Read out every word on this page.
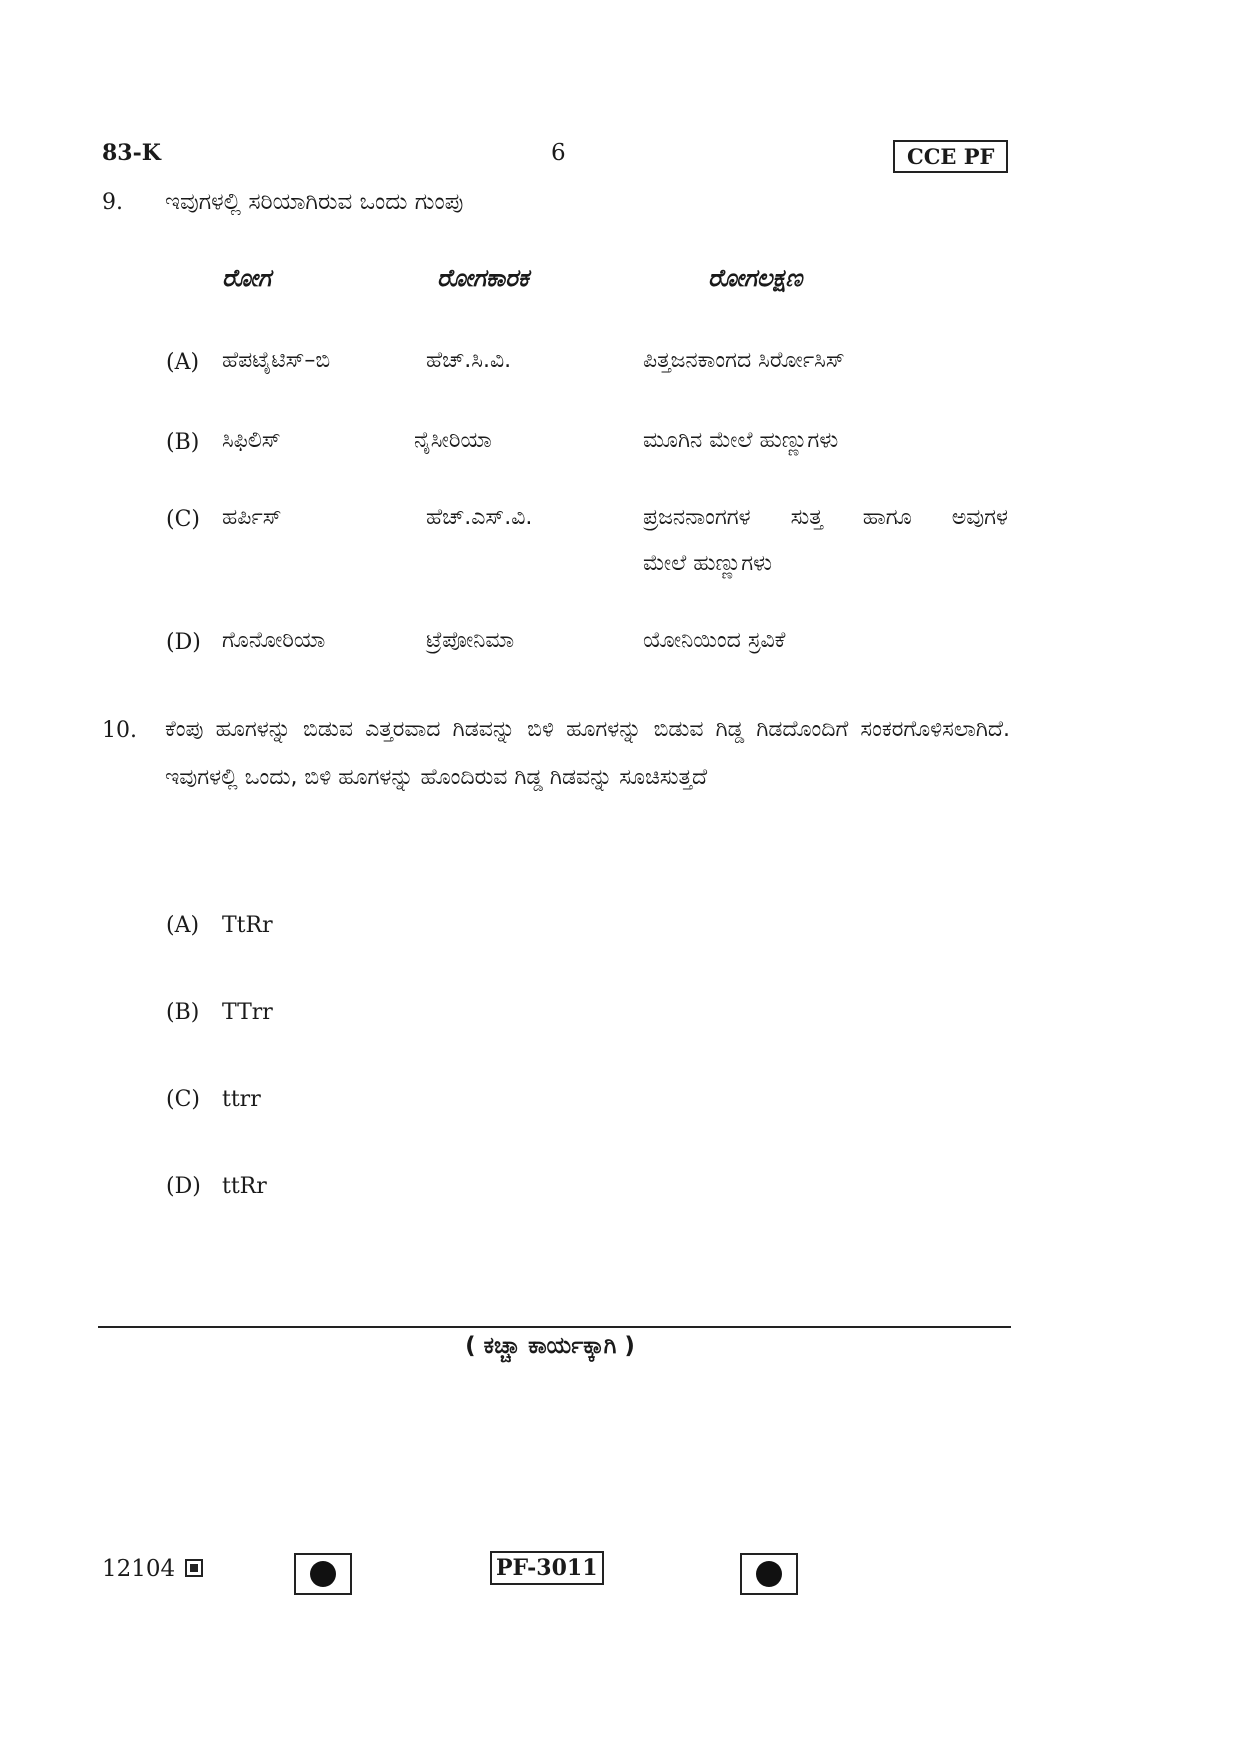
83-K	6	CCE PF
9. ಇವುಗಳಲ್ಲಿ ಸರಿಯಾಗಿರುವ ಒಂದು ಗುಂಪು
ರೋಗ	ರೋಗಕಾರಕ	ರೋಗಲಕ್ಷಣ
(A) ಹೆಪಟೈಟಿಸ್–ಬಿ	ಹೆಚ್.ಸಿ.ವಿ.	ಪಿತ್ತಜನಕಾಂಗದ ಸಿರ್ರೋಸಿಸ್
(B) ಸಿಫಿಲಿಸ್	ನೈಸೀರಿಯಾ	ಮೂಗಿನ ಮೇಲೆ ಹುಣ್ಣುಗಳು
(C) ಹರ್ಪಿಸ್	ಹೆಚ್.ಎಸ್.ವಿ.	ಪ್ರಜನನಾಂಗಗಳ ಸುತ್ತ ಹಾಗೂ ಅವುಗಳ
ಮೇಲೆ ಹುಣ್ಣುಗಳು
(D) ಗೊನೋರಿಯಾ	ಟ್ರೆಪೋನಿಮಾ	ಯೋನಿಯಿಂದ ಸ್ರವಿಕೆ
10. ಕೆಂಪು ಹೂಗಳನ್ನು ಬಿಡುವ ಎತ್ತರವಾದ ಗಿಡವನ್ನು ಬಿಳಿ ಹೂಗಳನ್ನು ಬಿಡುವ ಗಿಡ್ಡ ಗಿಡದೊಂದಿಗೆ ಸಂಕರಗೊಳಿಸಲಾಗಿದೆ. ಇವುಗಳಲ್ಲಿ ಒಂದು, ಬಿಳಿ ಹೂಗಳನ್ನು ಹೊಂದಿರುವ ಗಿಡ್ಡ ಗಿಡವನ್ನು ಸೂಚಿಸುತ್ತದೆ
(A) TtRr
(B) TTrr
(C) ttrr
(D) ttRr
( ಕಚ್ಚಾ ಕಾರ್ಯಕ್ಕಾಗಿ )
12104	PF-3011
